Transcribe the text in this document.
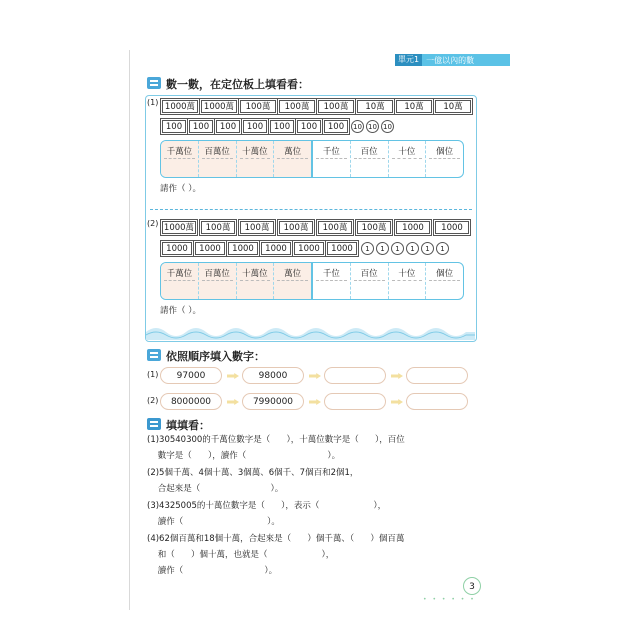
單元1 一億以內的數
數一數，在定位板上填看看：
(1) 1000萬	1000萬	100萬	100萬	100萬	10萬	10萬	10萬
100	100	100	100	100	100	100	10 10 10
千萬位	百萬位	十萬位	萬位	千位	百位	十位	個位
請作（ ）。
(2) 1000萬	100萬	100萬	100萬	100萬	100萬	1000	1000
1000	1000	1000	1000	1000	1000	1	1	1	1	1	1
千萬位	百萬位	十萬位	萬位	千位	百位	十位	個位
請作（ ）。
依照順序填入數字：
(1)	97000	98000
(2)	8000000	7990000
填填看：
(1)30540300的千萬位數字是（      ），十萬位數字是（      ），百位
數字是（      ），讀作（                              ）。
(2)5個千萬、4個十萬、3個萬、6個千、7個百和2個1，
合起來是（                          ）。
(3)4325005的十萬位數字是（      ），表示（                    ），
讀作（                               ）。
(4)62個百萬和18個十萬，合起來是（      ）個千萬、（      ）個百萬
和（      ）個十萬，也就是（                    ），
讀作（                              ）。
3
• • • • • •
